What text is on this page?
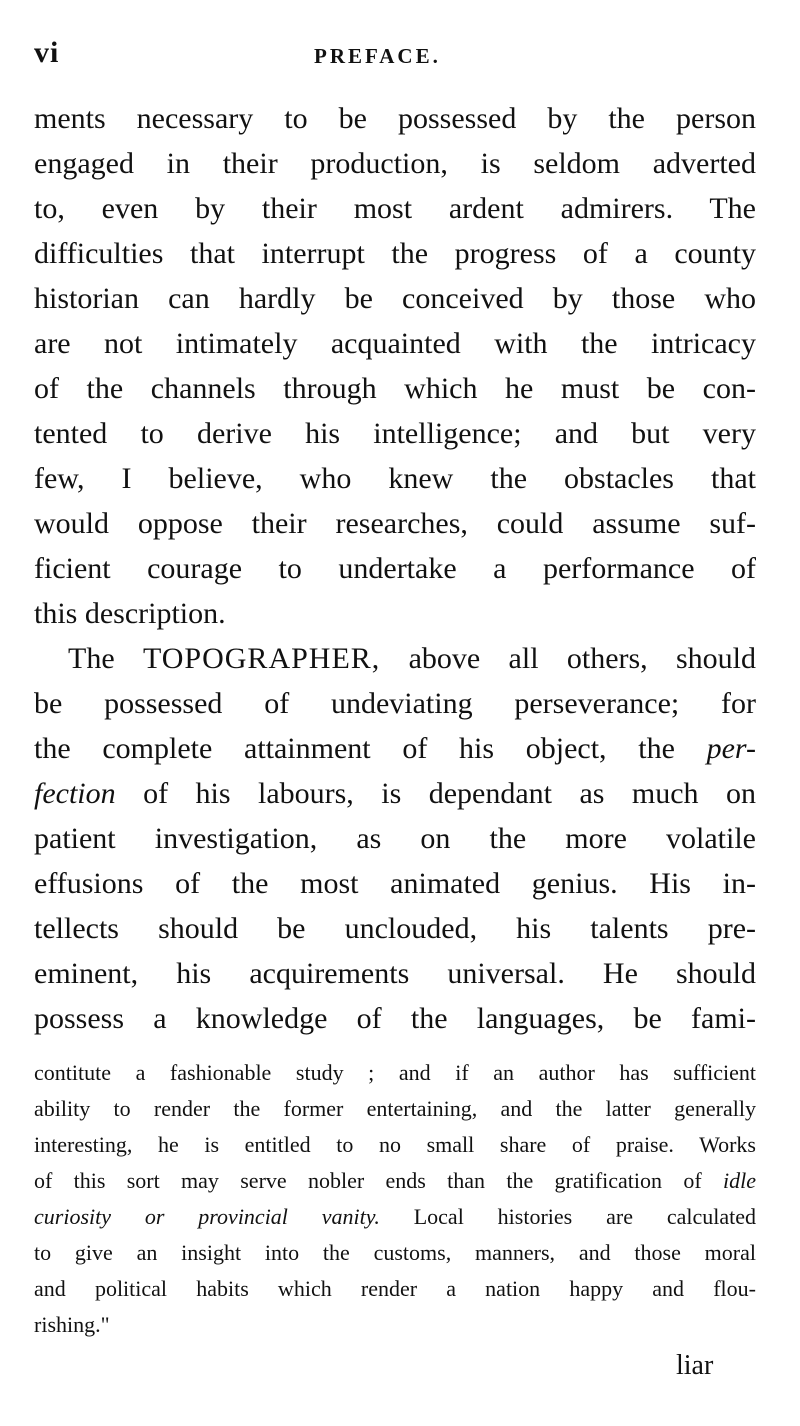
vi	PREFACE.
ments necessary to be possessed by the person
engaged in their production, is seldom adverted
to, even by their most ardent admirers. The
difficulties that interrupt the progress of a county
historian can hardly be conceived by those who
are not intimately acquainted with the intricacy
of the channels through which he must be con-
tented to derive his intelligence; and but very
few, I believe, who knew the obstacles that
would oppose their researches, could assume suf-
ficient courage to undertake a performance of
this description.
The TOPOGRAPHER, above all others, should
be possessed of undeviating perseverance; for
the complete attainment of his object, the per-
fection of his labours, is dependant as much on
patient investigation, as on the more volatile
effusions of the most animated genius. His in-
tellects should be unclouded, his talents pre-
eminent, his acquirements universal. He should
possess a knowledge of the languages, be fami-
contitute a fashionable study ; and if an author has sufficient
ability to render the former entertaining, and the latter generally
interesting, he is entitled to no small share of praise. Works
of this sort may serve nobler ends than the gratification of idle
curiosity or provincial vanity. Local histories are calculated
to give an insight into the customs, manners, and those moral
and political habits which render a nation happy and flou-
rishing."
liar
